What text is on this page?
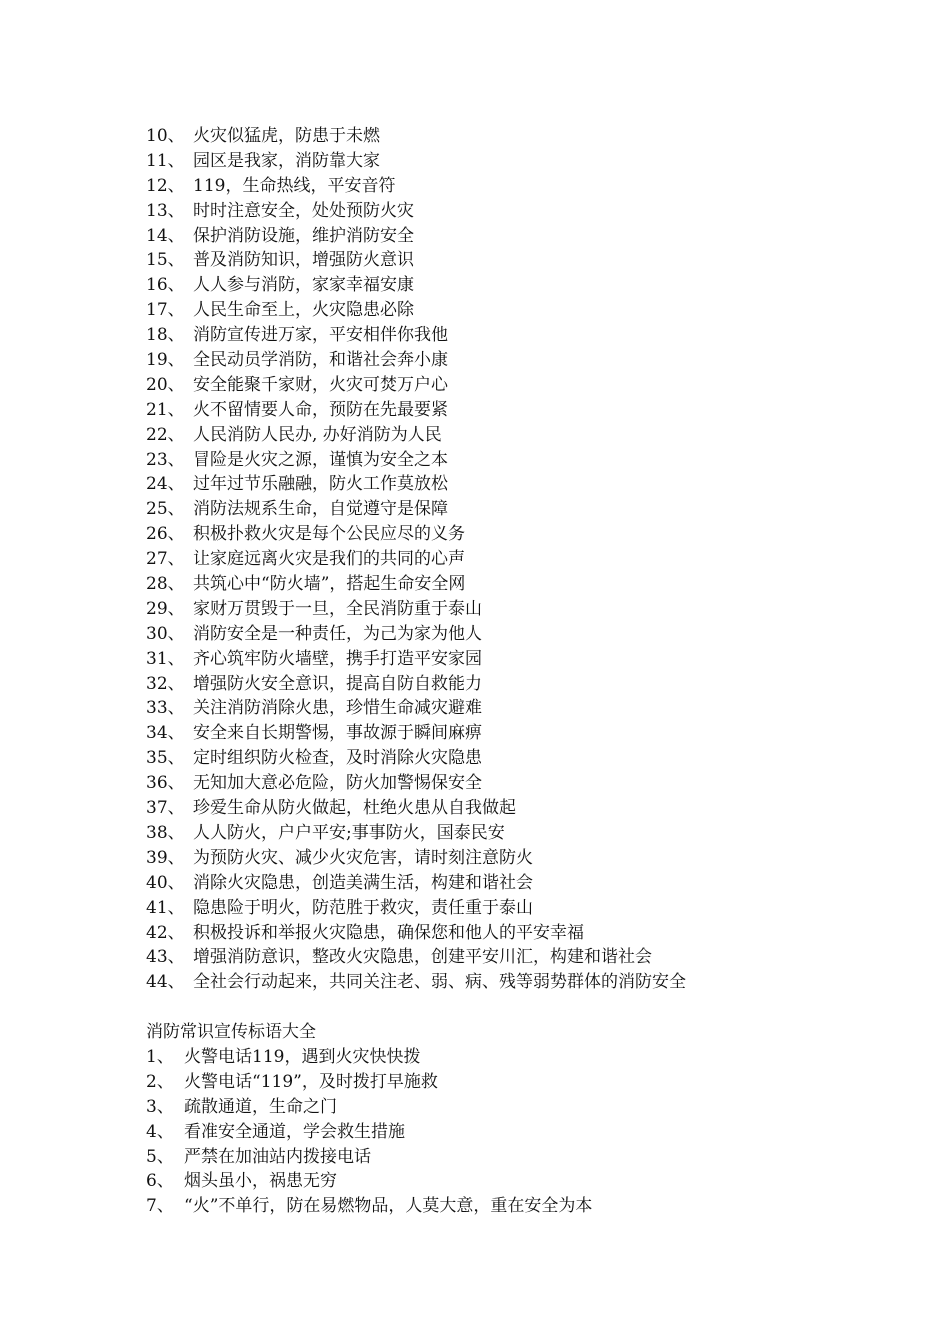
10、 火灾似猛虎，防患于未燃
11、 园区是我家，消防靠大家
12、 119，生命热线，平安音符
13、 时时注意安全，处处预防火灾
14、 保护消防设施，维护消防安全
15、 普及消防知识，增强防火意识
16、 人人参与消防，家家幸福安康
17、 人民生命至上，火灾隐患必除
18、 消防宣传进万家，平安相伴你我他
19、 全民动员学消防，和谐社会奔小康
20、 安全能聚千家财，火灾可焚万户心
21、 火不留情要人命，预防在先最要紧
22、 人民消防人民办, 办好消防为人民
23、 冒险是火灾之源，谨慎为安全之本
24、 过年过节乐融融，防火工作莫放松
25、 消防法规系生命，自觉遵守是保障
26、 积极扑救火灾是每个公民应尽的义务
27、 让家庭远离火灾是我们的共同的心声
28、 共筑心中“防火墙”，搭起生命安全网
29、 家财万贯毁于一旦，全民消防重于泰山
30、 消防安全是一种责任，为己为家为他人
31、 齐心筑牢防火墙壁，携手打造平安家园
32、 增强防火安全意识，提高自防自救能力
33、 关注消防消除火患，珍惜生命减灾避难
34、 安全来自长期警惕，事故源于瞬间麻痹
35、 定时组织防火检查，及时消除火灾隐患
36、 无知加大意必危险，防火加警惕保安全
37、 珍爱生命从防火做起，杜绝火患从自我做起
38、 人人防火，户户平安;事事防火，国泰民安
39、 为预防火灾、减少火灾危害，请时刻注意防火
40、 消除火灾隐患，创造美满生活，构建和谐社会
41、 隐患险于明火，防范胜于救灾，责任重于泰山
42、 积极投诉和举报火灾隐患，确保您和他人的平安幸福
43、 增强消防意识，整改火灾隐患，创建平安川汇，构建和谐社会
44、 全社会行动起来，共同关注老、弱、病、残等弱势群体的消防安全
消防常识宣传标语大全
1、 火警电话119，遇到火灾快快拨
2、 火警电话“119”，及时拨打早施救
3、 疏散通道，生命之门
4、 看准安全通道，学会救生措施
5、 严禁在加油站内拨接电话
6、 烟头虽小，祸患无穷
7、 “火”不单行，防在易燃物品，人莫大意，重在安全为本
